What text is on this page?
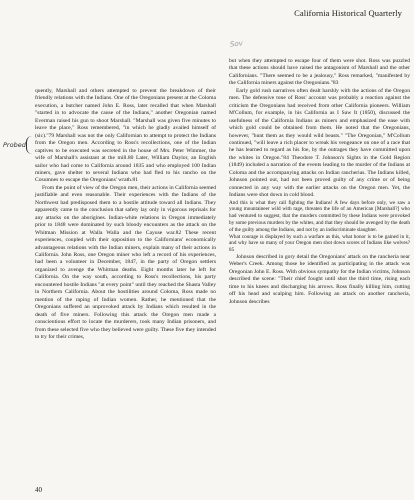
California Historical Quarterly
Sov
Probed

quently, Marshall and others attempted to prevent the breakdown of their friendly relations with the Indians. One of the Oregonians present at the Coloma execution, a butcher named John E. Ross, later recalled that when Marshall "started in to advocate the cause of the Indians," another Oregonian named Everman raised his gun to shoot Marshall. "Marshall was given five minutes to leave the place," Ross remembered, "in which he gladly availed himself of (sic)."79 Marshall was not the only Californian to attempt to protect the Indians from the Oregon men. According to Ross's recollections, one of the Indian captives to be executed was secreted in the house of Mrs. Peter Wimmer, the wife of Marshall's assistant at the mill.80 Later, William Daylor, an English sailor who had come to California around 1835 and who employed 100 Indian miners, gave shelter to several Indians who had fled to his rancho on the Cosumnes to escape the Oregonians' wrath.81

From the point of view of the Oregon men, their actions in California seemed justifiable and even reasonable. Their experiences with the Indians of the Northwest had predisposed them to a hostile attitude toward all Indians. They apparently came to the conclusion that safety lay only in vigorous reprisals for any attacks on the aborigines. Indian-white relations in Oregon immediately prior to 1848 were dominated by such bloody encounters as the attack on the Whitman Mission at Walla Walla and the Cayuse war.82 These recent experiences, coupled with their opposition to the Californians' economically advantageous relations with the Indian miners, explain many of their actions in California. John Ross, one Oregon miner who left a record of his experiences, had been a volunteer in December, 1847, in the party of Oregon settlers organized to avenge the Whitman deaths. Eight months later he left for California. On the way south, according to Ross's recollections, his party encountered hostile Indians "at every point" until they reached the Shasta Valley in Northern California. About the hostilities around Coloma, Ross made no mention of the raping of Indian women. Rather, he mentioned that the Oregonians suffered an unprovoked attack by Indians which resulted in the death of five miners. Following this attack the Oregon men made a conscientious effort to locate the murderers, took many Indian prisoners, and from these selected five who they believed were guilty. These five they intended to try for their crimes,

but when they attempted to escape four of them were shot. Ross was puzzled that these actions should have raised the antagonism of Marshall and the other Californians. "There seemed to be a jealousy," Ross remarked, "manifested by the California miners against the Oregonians."83

Early gold rush narratives often dealt harshly with the actions of the Oregon men. The defensive tone of Ross' account was probably a reaction against the criticism the Oregonians had received from other California pioneers. William M'Collum, for example, in his California as I Saw It (1850), discussed the usefulness of the California Indians as miners and emphasized the ease with which gold could be obtained from them. He noted that the Oregonians, however, "hunt them as they would wild beasts." "The Oregonian," M'Collum continued, "will leave a rich placer to wreak his vengeance on one of a race that he has learned to regard as his foe, by the outrages they have committed upon the whites in Oregon."84 Theodore T. Johnson's Sights in the Gold Region (1849) included a narration of the events leading to the murder of the Indians at Coloma and the accompanying attacks on Indian rancherias. The Indians killed, Johnson pointed out, had not been proved guilty of any crime or of being connected in any way with the earlier attacks on the Oregon men. Yet, the Indians were shot down in cold blood.

And this is what they call fighting the Indians! A few days before only, we saw a young mountaineer wild with rage, threaten the life of an American [Marshall?] who had ventured to suggest, that the murders committed by these Indians were provoked by some previous murders by the whites, and that they should be avenged by the death of the guilty among the Indians, and not by an indiscriminate slaughter.

What courage is displayed by such a warfare as this, what honor is to be gained in it, and why have so many of your Oregon men shot down scores of Indians like wolves?85

Johnson described in gory detail the Oregonians' attack on the rancheria near Weber's Creek. Among those he identified as participating in the attack was Oregonian John E. Ross. With obvious sympathy for the Indian victims, Johnson described the scene: "Their chief fought until shot the third time, rising each time to his knees and discharging his arrows. Ross finally killing him, cutting off his head and scalping him. Following an attack on another rancheria, Johnson describes

40
